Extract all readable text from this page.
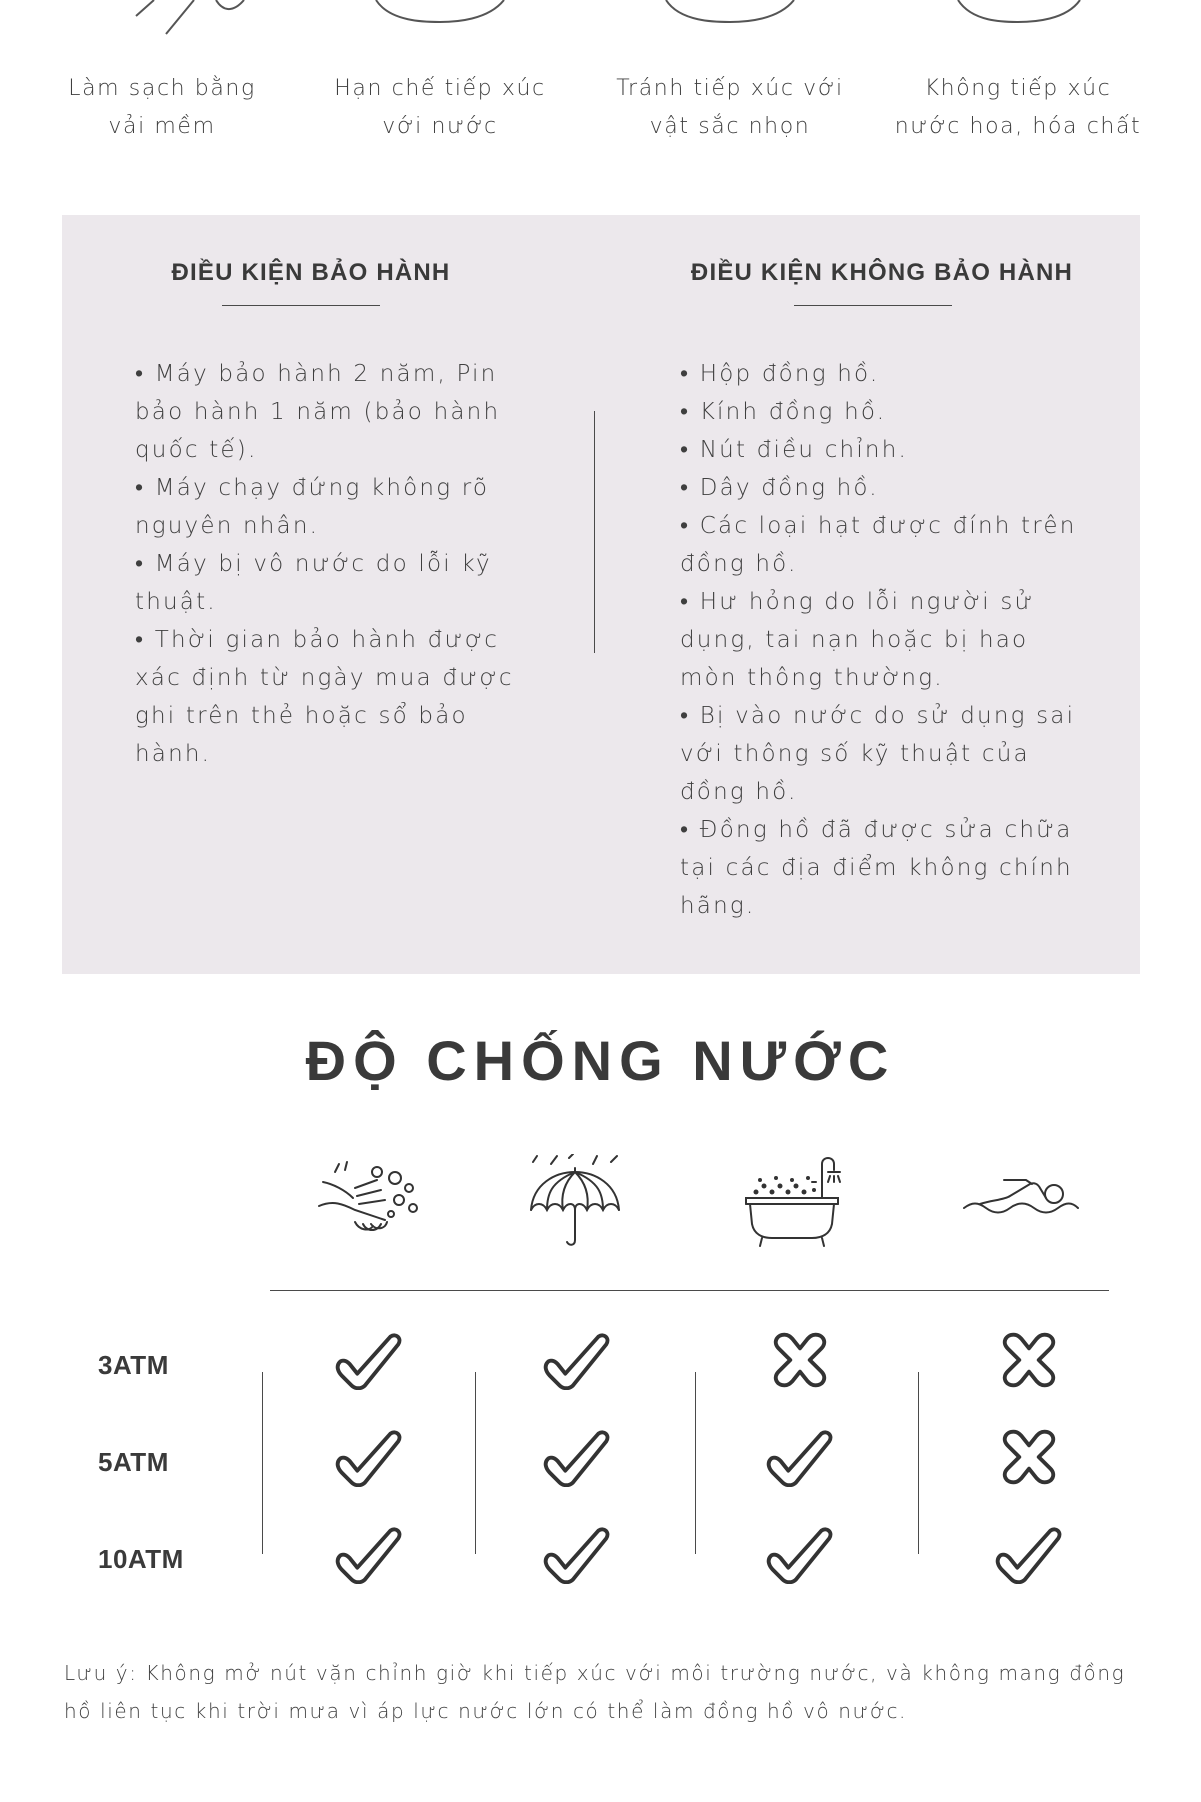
Làm sạch bằng
vải mềm
Hạn chế tiếp xúc
với nước
Tránh tiếp xúc với
vật sắc nhọn
Không tiếp xúc
nước hoa, hóa chất
ĐIỀU KIỆN BẢO HÀNH

• Máy bảo hành 2 năm, Pin bảo hành 1 năm (bảo hành quốc tế).

• Máy chạy đứng không rõ nguyên nhân.

• Máy bị vô nước do lỗi kỹ thuật.

• Thời gian bảo hành được xác định từ ngày mua được ghi trên thẻ hoặc sổ bảo hành.

ĐIỀU KIỆN KHÔNG BẢO HÀNH

• Hộp đồng hồ.

• Kính đồng hồ.

• Nút điều chỉnh.

• Dây đồng hồ.

• Các loại hạt được đính trên đồng hồ.

• Hư hỏng do lỗi người sử dụng, tai nạn hoặc bị hao mòn thông thường.

• Bị vào nước do sử dụng sai với thông số kỹ thuật của đồng hồ.

• Đồng hồ đã được sửa chữa tại các địa điểm không chính hãng.

ĐỘ CHỐNG NƯỚC
3ATM
5ATM
10ATM
Lưu ý: Không mở nút vặn chỉnh giờ khi tiếp xúc với môi trường nước, và không mang đồng hồ liên tục khi trời mưa vì áp lực nước lớn có thể làm đồng hồ vô nước.
